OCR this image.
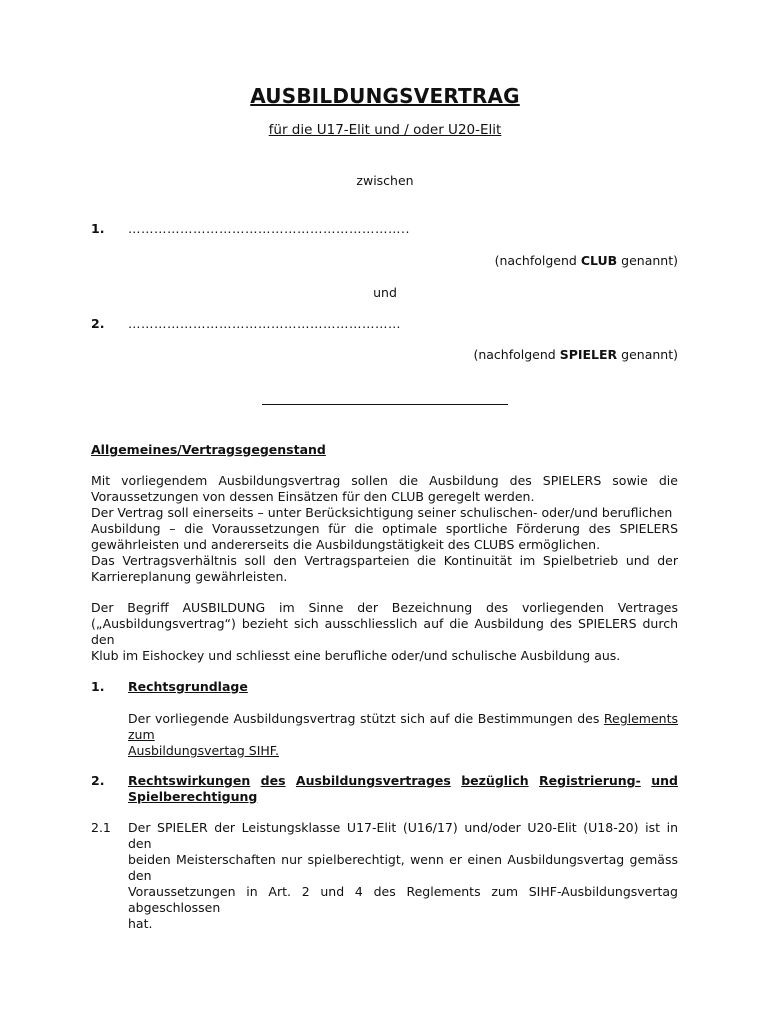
AUSBILDUNGSVERTRAG
für die U17-Elit und / oder U20-Elit
zwischen
1. ………………………………………………………..
(nachfolgend CLUB genannt)
und
2. ………………………………………………………
(nachfolgend SPIELER genannt)
Allgemeines/Vertragsgegenstand
Mit vorliegendem Ausbildungsvertrag sollen die Ausbildung des SPIELERS sowie die
Voraussetzungen von dessen Einsätzen für den CLUB geregelt werden.
Der Vertrag soll einerseits – unter Berücksichtigung seiner schulischen- oder/und beruflichen
Ausbildung – die Voraussetzungen für die optimale sportliche Förderung des SPIELERS
gewährleisten und andererseits die Ausbildungstätigkeit des CLUBS ermöglichen.
Das Vertragsverhältnis soll den Vertragsparteien die Kontinuität im Spielbetrieb und der
Karriereplanung gewährleisten.
Der Begriff AUSBILDUNG im Sinne der Bezeichnung des vorliegenden Vertrages
(„Ausbildungsvertrag“) bezieht sich ausschliesslich auf die Ausbildung des SPIELERS durch den
Klub im Eishockey und schliesst eine berufliche oder/und schulische Ausbildung aus.
1. Rechtsgrundlage
Der vorliegende Ausbildungsvertrag stützt sich auf die Bestimmungen des Reglements zum
Ausbildungsvertag SIHF.
2. Rechtswirkungen des Ausbildungsvertrages bezüglich Registrierung- und
Spielberechtigung
2.1 Der SPIELER der Leistungsklasse U17-Elit (U16/17) und/oder U20-Elit (U18-20) ist in den
beiden Meisterschaften nur spielberechtigt, wenn er einen Ausbildungsvertag gemäss den
Voraussetzungen in Art. 2 und 4 des Reglements zum SIHF-Ausbildungsvertag abgeschlossen
hat.
